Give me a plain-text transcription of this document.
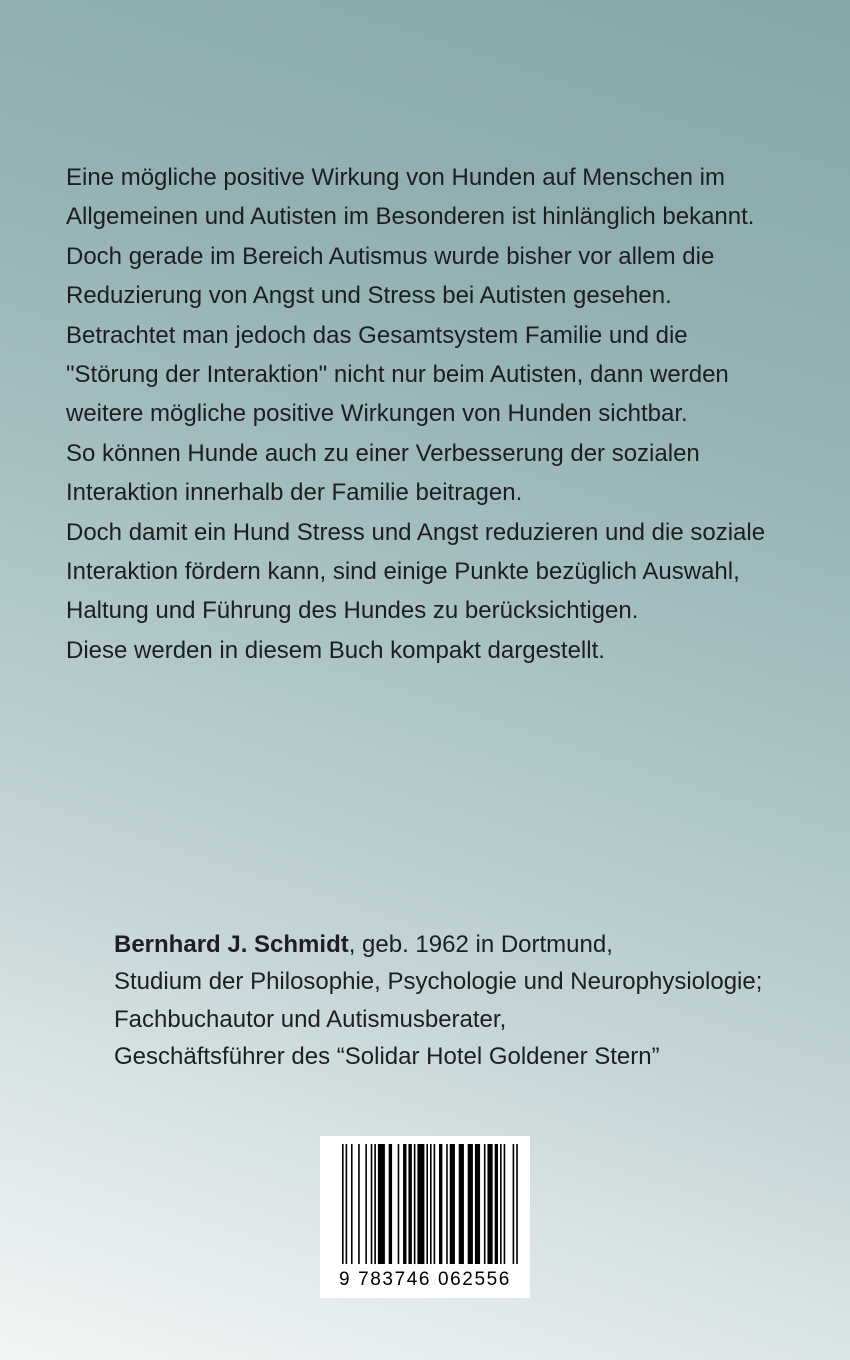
Eine mögliche positive Wirkung von Hunden auf Menschen im Allgemeinen und Autisten im Besonderen ist hinlänglich bekannt.

Doch gerade im Bereich Autismus wurde bisher vor allem die Reduzierung von Angst und Stress bei Autisten gesehen.

Betrachtet man jedoch das Gesamtsystem Familie und die "Störung der Interaktion" nicht nur beim Autisten, dann werden weitere mögliche positive Wirkungen von Hunden sichtbar.

So können Hunde auch zu einer Verbesserung der sozialen Interaktion innerhalb der Familie beitragen.

Doch damit ein Hund Stress und Angst reduzieren und die soziale Interaktion fördern kann, sind einige Punkte bezüglich Auswahl, Haltung und Führung des Hundes zu berücksichtigen.

Diese werden in diesem Buch kompakt dargestellt.

Bernhard J. Schmidt, geb. 1962 in Dortmund,

Studium der Philosophie, Psychologie und Neurophysiologie;

Fachbuchautor und Autismusberater,

Geschäftsführer des “Solidar Hotel Goldener Stern”

9 783746 062556
